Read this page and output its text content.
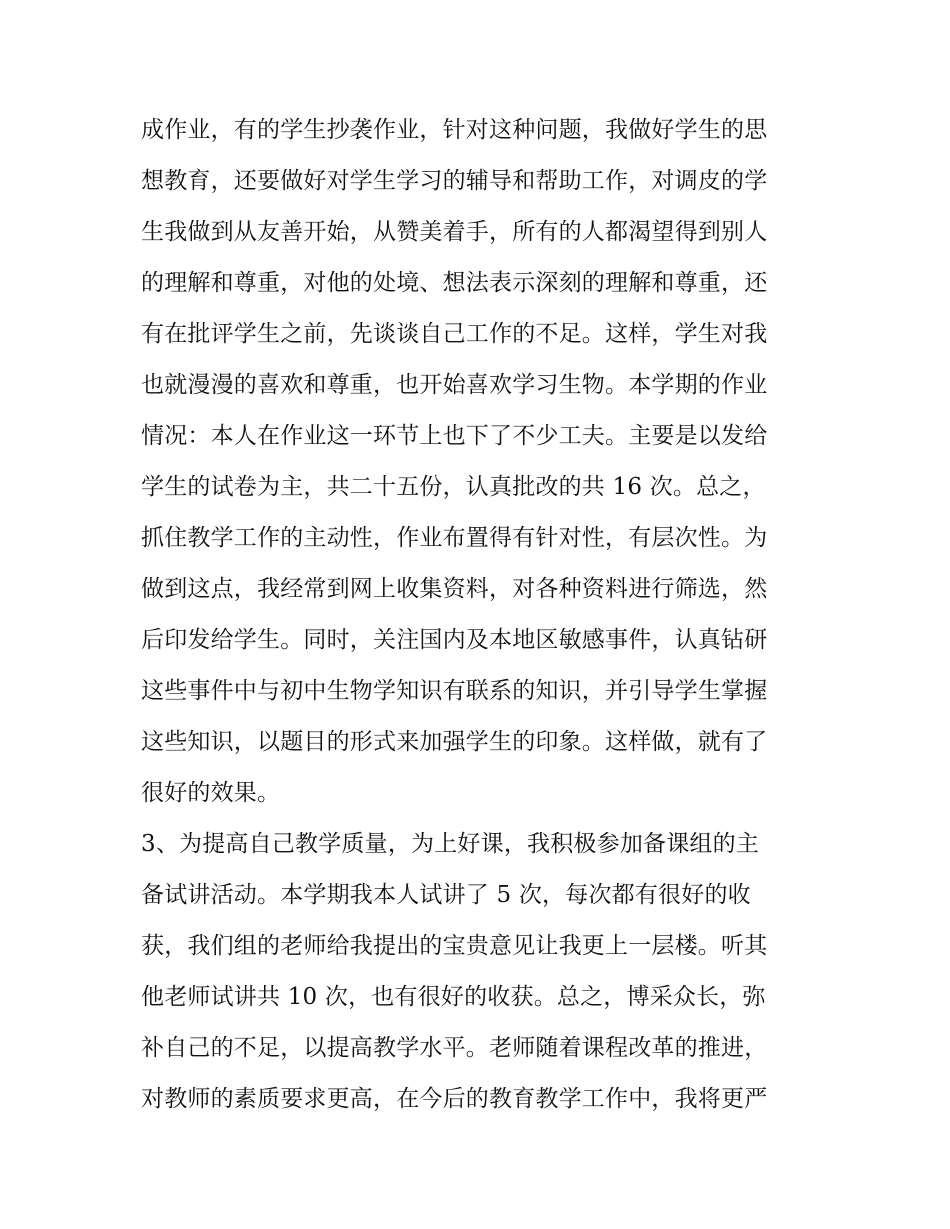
成作业，有的学生抄袭作业，针对这种问题，我做好学生的思
想教育，还要做好对学生学习的辅导和帮助工作，对调皮的学
生我做到从友善开始，从赞美着手，所有的人都渴望得到别人
的理解和尊重，对他的处境、想法表示深刻的理解和尊重，还
有在批评学生之前，先谈谈自己工作的不足。这样，学生对我
也就漫漫的喜欢和尊重，也开始喜欢学习生物。本学期的作业
情况：本人在作业这一环节上也下了不少工夫。主要是以发给
学生的试卷为主，共二十五份，认真批改的共 16 次。总之，
抓住教学工作的主动性，作业布置得有针对性，有层次性。为
做到这点，我经常到网上收集资料，对各种资料进行筛选，然
后印发给学生。同时，关注国内及本地区敏感事件，认真钻研
这些事件中与初中生物学知识有联系的知识，并引导学生掌握
这些知识，以题目的形式来加强学生的印象。这样做，就有了
很好的效果。
3、为提高自己教学质量，为上好课，我积极参加备课组的主
备试讲活动。本学期我本人试讲了 5 次，每次都有很好的收
获，我们组的老师给我提出的宝贵意见让我更上一层楼。听其
他老师试讲共 10 次，也有很好的收获。总之，博采众长，弥
补自己的不足，以提高教学水平。老师随着课程改革的推进，
对教师的素质要求更高，在今后的教育教学工作中，我将更严
